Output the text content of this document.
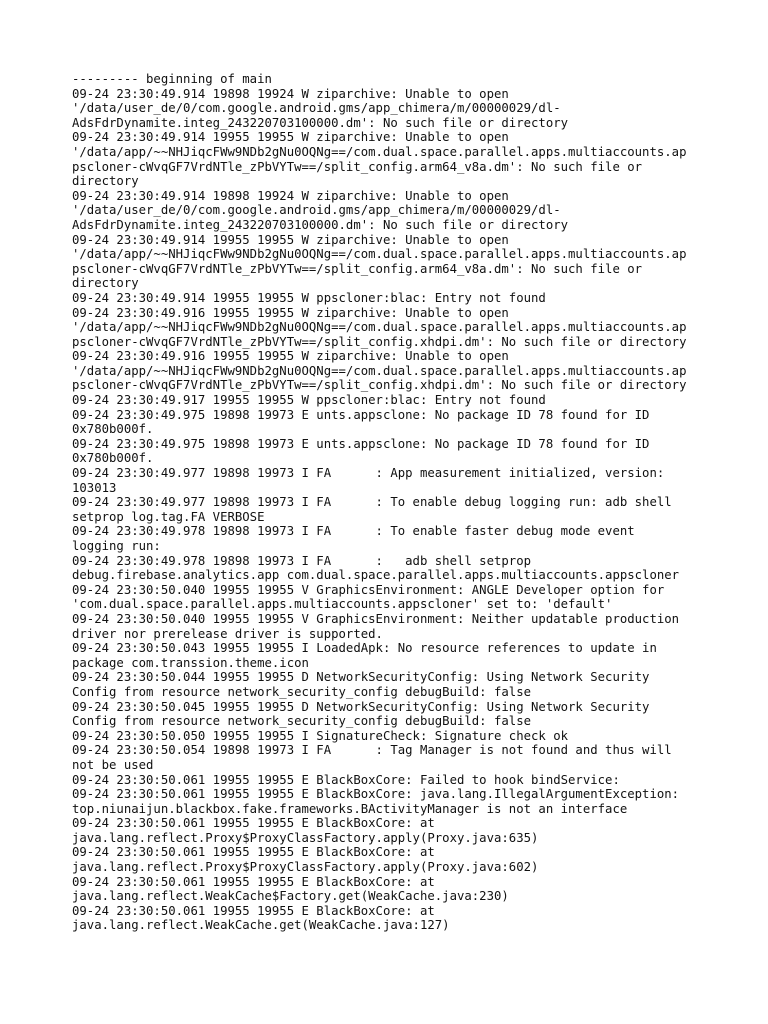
--------- beginning of main
09-24 23:30:49.914 19898 19924 W ziparchive: Unable to open
'/data/user_de/0/com.google.android.gms/app_chimera/m/00000029/dl-
AdsFdrDynamite.integ_243220703100000.dm': No such file or directory
09-24 23:30:49.914 19955 19955 W ziparchive: Unable to open
'/data/app/~~NHJiqcFWw9NDb2gNu0OQNg==/com.dual.space.parallel.apps.multiaccounts.ap
pscloner-cWvqGF7VrdNTle_zPbVYTw==/split_config.arm64_v8a.dm': No such file or
directory
09-24 23:30:49.914 19898 19924 W ziparchive: Unable to open
'/data/user_de/0/com.google.android.gms/app_chimera/m/00000029/dl-
AdsFdrDynamite.integ_243220703100000.dm': No such file or directory
09-24 23:30:49.914 19955 19955 W ziparchive: Unable to open
'/data/app/~~NHJiqcFWw9NDb2gNu0OQNg==/com.dual.space.parallel.apps.multiaccounts.ap
pscloner-cWvqGF7VrdNTle_zPbVYTw==/split_config.arm64_v8a.dm': No such file or
directory
09-24 23:30:49.914 19955 19955 W ppscloner:blac: Entry not found
09-24 23:30:49.916 19955 19955 W ziparchive: Unable to open
'/data/app/~~NHJiqcFWw9NDb2gNu0OQNg==/com.dual.space.parallel.apps.multiaccounts.ap
pscloner-cWvqGF7VrdNTle_zPbVYTw==/split_config.xhdpi.dm': No such file or directory
09-24 23:30:49.916 19955 19955 W ziparchive: Unable to open
'/data/app/~~NHJiqcFWw9NDb2gNu0OQNg==/com.dual.space.parallel.apps.multiaccounts.ap
pscloner-cWvqGF7VrdNTle_zPbVYTw==/split_config.xhdpi.dm': No such file or directory
09-24 23:30:49.917 19955 19955 W ppscloner:blac: Entry not found
09-24 23:30:49.975 19898 19973 E unts.appsclone: No package ID 78 found for ID
0x780b000f.
09-24 23:30:49.975 19898 19973 E unts.appsclone: No package ID 78 found for ID
0x780b000f.
09-24 23:30:49.977 19898 19973 I FA      : App measurement initialized, version:
103013
09-24 23:30:49.977 19898 19973 I FA      : To enable debug logging run: adb shell
setprop log.tag.FA VERBOSE
09-24 23:30:49.978 19898 19973 I FA      : To enable faster debug mode event
logging run:
09-24 23:30:49.978 19898 19973 I FA      :   adb shell setprop
debug.firebase.analytics.app com.dual.space.parallel.apps.multiaccounts.appscloner
09-24 23:30:50.040 19955 19955 V GraphicsEnvironment: ANGLE Developer option for
'com.dual.space.parallel.apps.multiaccounts.appscloner' set to: 'default'
09-24 23:30:50.040 19955 19955 V GraphicsEnvironment: Neither updatable production
driver nor prerelease driver is supported.
09-24 23:30:50.043 19955 19955 I LoadedApk: No resource references to update in
package com.transsion.theme.icon
09-24 23:30:50.044 19955 19955 D NetworkSecurityConfig: Using Network Security
Config from resource network_security_config debugBuild: false
09-24 23:30:50.045 19955 19955 D NetworkSecurityConfig: Using Network Security
Config from resource network_security_config debugBuild: false
09-24 23:30:50.050 19955 19955 I SignatureCheck: Signature check ok
09-24 23:30:50.054 19898 19973 I FA      : Tag Manager is not found and thus will
not be used
09-24 23:30:50.061 19955 19955 E BlackBoxCore: Failed to hook bindService:
09-24 23:30:50.061 19955 19955 E BlackBoxCore: java.lang.IllegalArgumentException:
top.niunaijun.blackbox.fake.frameworks.BActivityManager is not an interface
09-24 23:30:50.061 19955 19955 E BlackBoxCore: at
java.lang.reflect.Proxy$ProxyClassFactory.apply(Proxy.java:635)
09-24 23:30:50.061 19955 19955 E BlackBoxCore: at
java.lang.reflect.Proxy$ProxyClassFactory.apply(Proxy.java:602)
09-24 23:30:50.061 19955 19955 E BlackBoxCore: at
java.lang.reflect.WeakCache$Factory.get(WeakCache.java:230)
09-24 23:30:50.061 19955 19955 E BlackBoxCore: at
java.lang.reflect.WeakCache.get(WeakCache.java:127)
